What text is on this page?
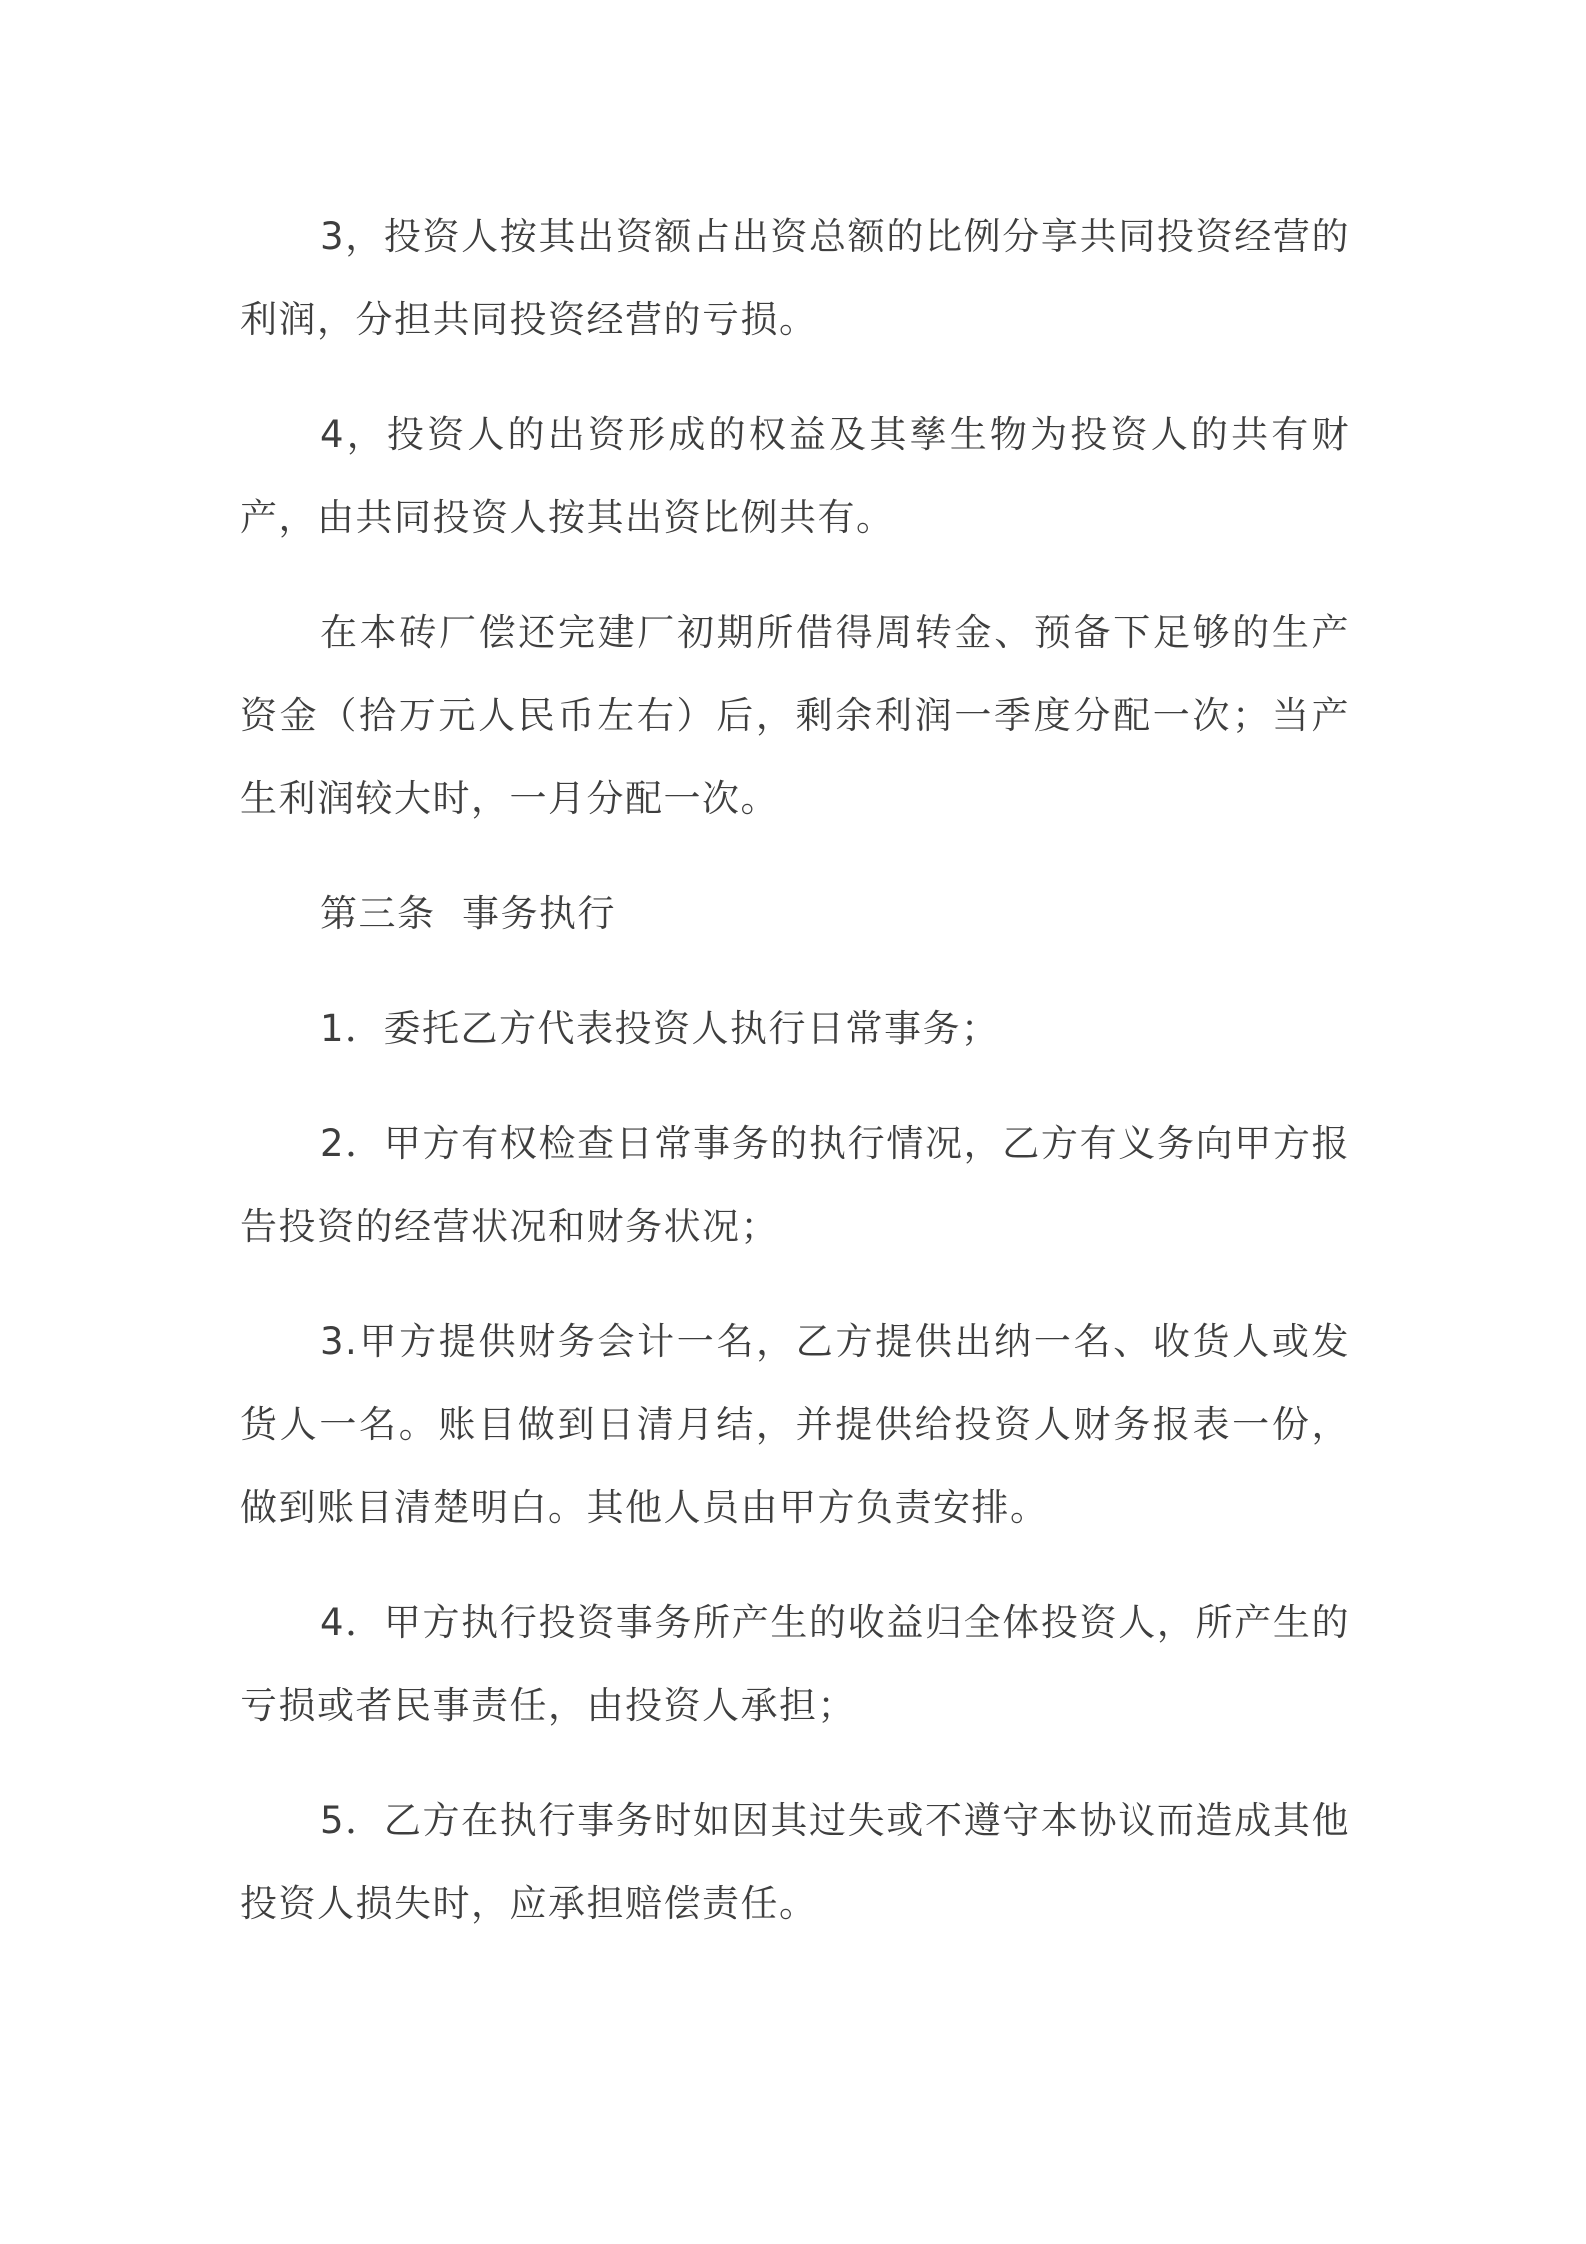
3，投资人按其出资额占出资总额的比例分享共同投资经营的利润，分担共同投资经营的亏损。

4，投资人的出资形成的权益及其孳生物为投资人的共有财产，由共同投资人按其出资比例共有。

在本砖厂偿还完建厂初期所借得周转金、预备下足够的生产资金（拾万元人民币左右）后，剩余利润一季度分配一次；当产生利润较大时，一月分配一次。

第三条  事务执行

1．委托乙方代表投资人执行日常事务；

2．甲方有权检查日常事务的执行情况，乙方有义务向甲方报告投资的经营状况和财务状况；

3.甲方提供财务会计一名，乙方提供出纳一名、收货人或发货人一名。账目做到日清月结，并提供给投资人财务报表一份，做到账目清楚明白。其他人员由甲方负责安排。

4．甲方执行投资事务所产生的收益归全体投资人，所产生的亏损或者民事责任，由投资人承担；

5．乙方在执行事务时如因其过失或不遵守本协议而造成其他投资人损失时，应承担赔偿责任。
